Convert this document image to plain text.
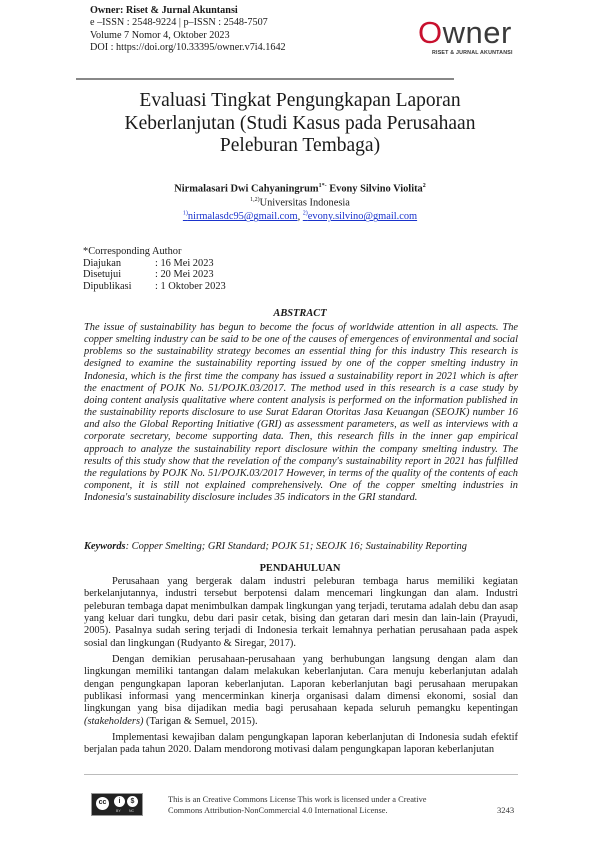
Owner: Riset & Jurnal Akuntansi
e –ISSN : 2548-9224 | p–ISSN : 2548-7507
Volume 7 Nomor 4, Oktober 2023
DOI : https://doi.org/10.33395/owner.v7i4.1642	Owner
RISET & JURNAL AKUNTANSI
Evaluasi Tingkat Pengungkapan Laporan
Keberlanjutan (Studi Kasus pada Perusahaan
Peleburan Tembaga)
Nirmalasari Dwi Cahyaningrum$^{1*-}$ Evony Silvino Violita$^2$
$^{1,2)}$Universitas Indonesia
$^{1)}$nirmalasdc95@gmail.com, $^{2)}$evony.silvino@gmail.com
*Corresponding Author
Diajukan	: 16 Mei 2023
Disetujui	: 20 Mei 2023
Dipublikasi	: 1 Oktober 2023
ABSTRACT
The issue of sustainability has begun to become the focus of worldwide attention in all aspects. The copper smelting industry can be said to be one of the causes of emergences of environmental and social problems so the sustainability strategy becomes an essential thing for this industry This research is designed to examine the sustainability reporting issued by one of the copper smelting industry in Indonesia, which is the first time the company has issued a sustainability report in 2021 which is after the enactment of POJK No. 51/POJK.03/2017. The method used in this research is a case study by doing content analysis qualitative where content analysis is performed on the information published in the sustainability reports disclosure to use Surat Edaran Otoritas Jasa Keuangan (SEOJK) number 16 and also the Global Reporting Initiative (GRI) as assessment parameters, as well as interviews with a corporate secretary, become supporting data. Then, this research fills in the inner gap empirical approach to analyze the sustainability report disclosure within the company smelting industry. The results of this study show that the revelation of the company's sustainability report in 2021 has fulfilled the regulations by POJK No. 51/POJK.03/2017 However, in terms of the quality of the contents of each component, it is still not explained comprehensively. One of the copper smelting industries in Indonesia's sustainability disclosure includes 35 indicators in the GRI standard.
Keywords: Copper Smelting; GRI Standard; POJK 51; SEOJK 16; Sustainability Reporting
PENDAHULUAN

Perusahaan yang bergerak dalam industri peleburan tembaga harus memiliki kegiatan berkelanjutannya, industri tersebut berpotensi dalam mencemari lingkungan dan alam. Industri peleburan tembaga dapat menimbulkan dampak lingkungan yang terjadi, terutama adalah debu dan asap yang keluar dari tungku, debu dari pasir cetak, bising dan getaran dari mesin dan lain-lain (Prayudi, 2005). Pasalnya sudah sering terjadi di Indonesia terkait lemahnya perhatian perusahaan pada aspek sosial dan lingkungan (Rudyanto & Siregar, 2017).

Dengan demikian perusahaan-perusahaan yang berhubungan langsung dengan alam dan lingkungan memiliki tantangan dalam melakukan keberlanjutan. Cara menuju keberlanjutan adalah dengan pengungkapan laporan keberlanjutan. Laporan keberlanjutan bagi perusahaan merupakan publikasi informasi yang mencerminkan kinerja organisasi dalam dimensi ekonomi, sosial dan lingkungan yang bisa dijadikan media bagi perusahaan kepada seluruh pemangku kepentingan (stakeholders) (Tarigan & Semuel, 2015).

Implementasi kewajiban dalam pengungkapan laporan keberlanjutan di Indonesia sudah efektif berjalan pada tahun 2020. Dalam mendorong motivasi dalam pengungkapan laporan keberlanjutan

cc	i	$
BY NC
This is an Creative Commons License This work is licensed under a Creative
Commons Attribution-NonCommercial 4.0 International License.	3243
